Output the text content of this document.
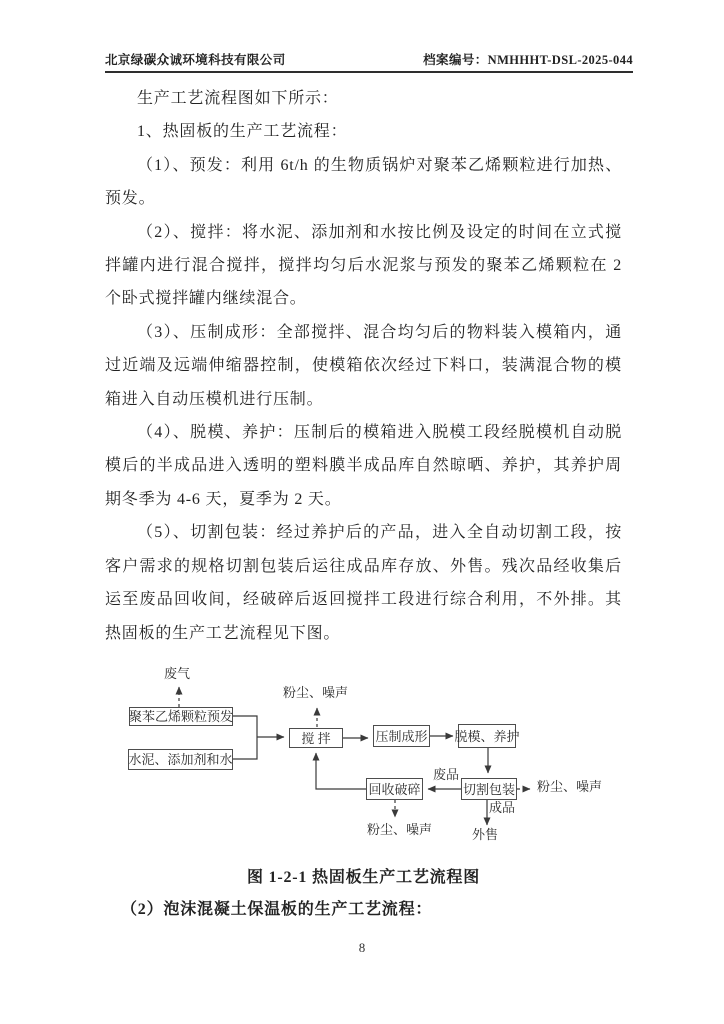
北京绿碳众诚环境科技有限公司	档案编号：NMHHHT-DSL-2025-044

生产工艺流程图如下所示：

1、热固板的生产工艺流程：

（1）、预发：利用 6t/h 的生物质锅炉对聚苯乙烯颗粒进行加热、预发。

（2）、搅拌：将水泥、添加剂和水按比例及设定的时间在立式搅拌罐内进行混合搅拌，搅拌均匀后水泥浆与预发的聚苯乙烯颗粒在 2 个卧式搅拌罐内继续混合。

（3）、压制成形：全部搅拌、混合均匀后的物料装入模箱内，通过近端及远端伸缩器控制，使模箱依次经过下料口，装满混合物的模箱进入自动压模机进行压制。

（4）、脱模、养护：压制后的模箱进入脱模工段经脱模机自动脱模后的半成品进入透明的塑料膜半成品库自然晾晒、养护，其养护周期冬季为 4-6 天，夏季为 2 天。

（5）、切割包装：经过养护后的产品，进入全自动切割工段，按客户需求的规格切割包装后运往成品库存放、外售。残次品经收集后运至废品回收间，经破碎后返回搅拌工段进行综合利用，不外排。其热固板的生产工艺流程见下图。

聚苯乙烯颗粒预发
水泥、添加剂和水
搅 拌	压制成形 脱模、养护
切割包装
回收破碎
废气
粉尘、噪声
废品
粉尘、噪声
成品
外售
粉尘、噪声

图 1-2-1 热固板生产工艺流程图

（2）泡沫混凝土保温板的生产工艺流程：

8
